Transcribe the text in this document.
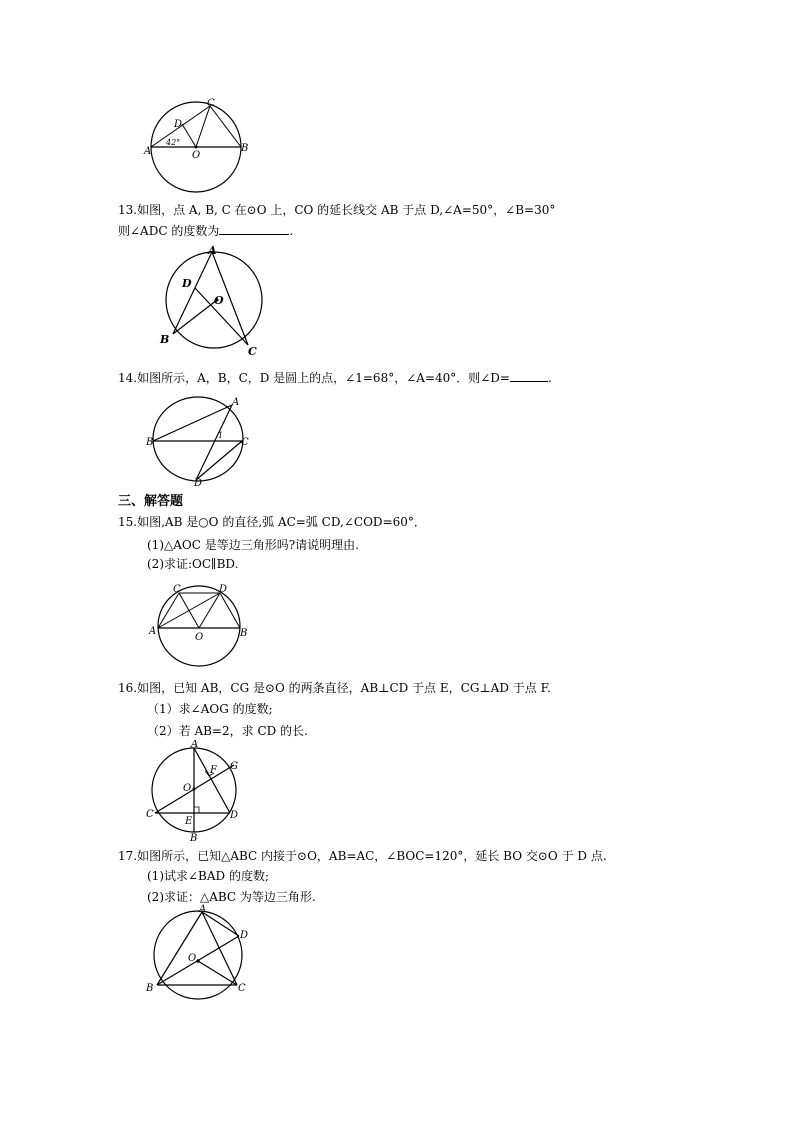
A	B
C
D
O
42°
13.如图，点 A, B, C 在⊙O 上，CO 的延长线交 AB 于点 D,∠A=50°，∠B=30°
则∠ADC 的度数为	.
A
B
C
D
O
14.如图所示，A，B，C，D 是圆上的点，∠1=68°，∠A=40°．则∠D=	.
A
B	C
D
1
三、解答题
15.如图,AB 是○O 的直径,弧 AC=弧 CD,∠COD=60°．
(1)△AOC 是等边三角形吗?请说明理由.
(2)求证:OC∥BD.
A	B
C	D
O
16.如图，已知 AB，CG 是⊙O 的两条直径，AB⊥CD 于点 E，CG⊥AD 于点 F.
（1）求∠AOG 的度数;
（2）若 AB=2，求 CD 的长.
A
B
C	D
E
F G
O
17.如图所示，已知△ABC 内接于⊙O，AB=AC，∠BOC=120°，延长 BO 交⊙O 于 D 点.
(1)试求∠BAD 的度数;
(2)求证：△ABC 为等边三角形.
A
B	C
D
O
